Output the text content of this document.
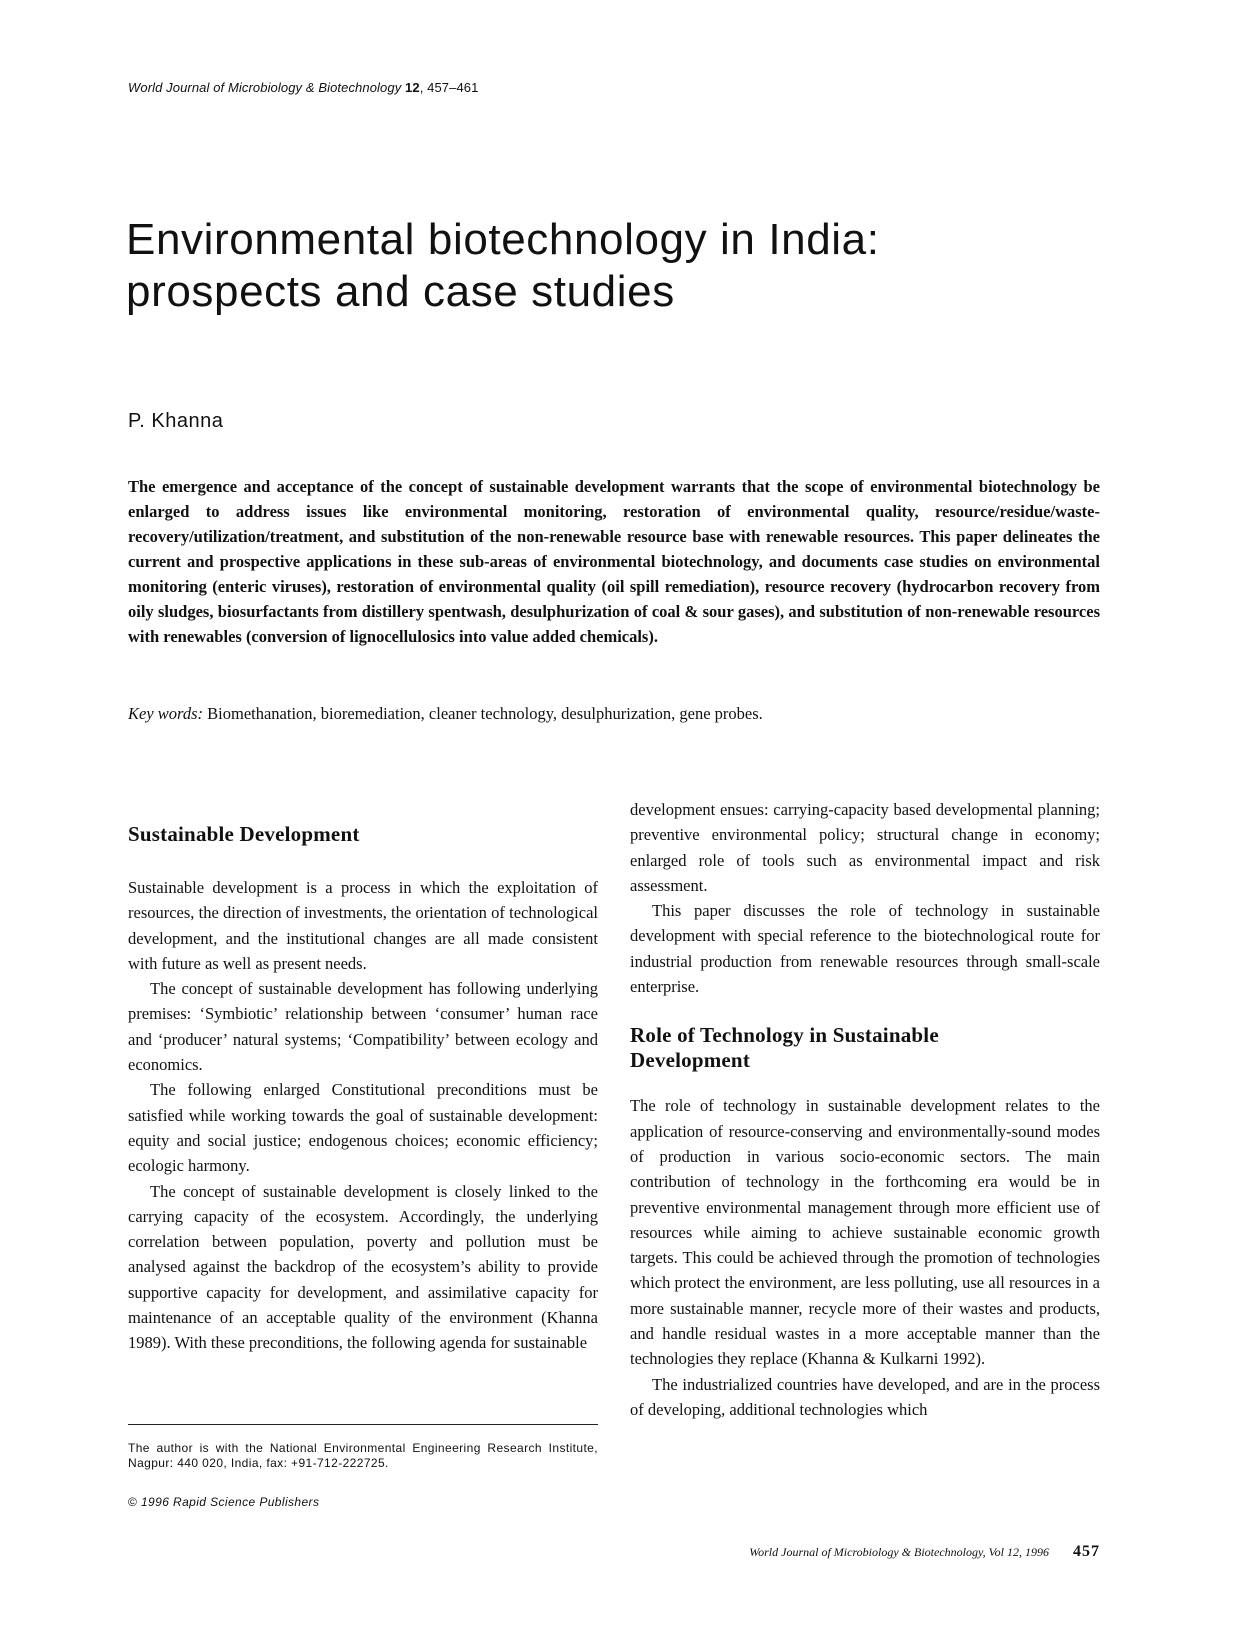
World Journal of Microbiology & Biotechnology 12, 457–461
Environmental biotechnology in India:
prospects and case studies
P. Khanna

The emergence and acceptance of the concept of sustainable development warrants that the scope of environmental biotechnology be enlarged to address issues like environmental monitoring, restoration of environmental quality, resource/residue/waste-recovery/utilization/treatment, and substitution of the non-renewable resource base with renewable resources. This paper delineates the current and prospective applications in these sub-areas of environmental biotechnology, and documents case studies on environmental monitoring (enteric viruses), restoration of environmental quality (oil spill remediation), resource recovery (hydrocarbon recovery from oily sludges, biosurfactants from distillery spentwash, desulphurization of coal & sour gases), and substitution of non-renewable resources with renewables (conversion of lignocellulosics into value added chemicals).

Key words: Biomethanation, bioremediation, cleaner technology, desulphurization, gene probes.
Sustainable Development

Sustainable development is a process in which the exploitation of resources, the direction of investments, the orientation of technological development, and the institutional changes are all made consistent with future as well as present needs.

The concept of sustainable development has following underlying premises: ‘Symbiotic’ relationship between ‘consumer’ human race and ‘producer’ natural systems; ‘Compatibility’ between ecology and economics.

The following enlarged Constitutional preconditions must be satisfied while working towards the goal of sustainable development: equity and social justice; endogenous choices; economic efficiency; ecologic harmony.

The concept of sustainable development is closely linked to the carrying capacity of the ecosystem. Accordingly, the underlying correlation between population, poverty and pollution must be analysed against the backdrop of the ecosystem’s ability to provide supportive capacity for development, and assimilative capacity for maintenance of an acceptable quality of the environment (Khanna 1989). With these preconditions, the following agenda for sustainable

development ensues: carrying-capacity based developmental planning; preventive environmental policy; structural change in economy; enlarged role of tools such as environmental impact and risk assessment.

This paper discusses the role of technology in sustainable development with special reference to the biotechnological route for industrial production from renewable resources through small-scale enterprise.

Role of Technology in Sustainable
Development

The role of technology in sustainable development relates to the application of resource-conserving and environmentally-sound modes of production in various socio-economic sectors. The main contribution of technology in the forthcoming era would be in preventive environmental management through more efficient use of resources while aiming to achieve sustainable economic growth targets. This could be achieved through the promotion of technologies which protect the environment, are less polluting, use all resources in a more sustainable manner, recycle more of their wastes and products, and handle residual wastes in a more acceptable manner than the technologies they replace (Khanna & Kulkarni 1992).

The industrialized countries have developed, and are in the process of developing, additional technologies which

The author is with the National Environmental Engineering Research Institute, Nagpur: 440 020, India, fax: +91-712-222725.
© 1996 Rapid Science Publishers
World Journal of Microbiology & Biotechnology, Vol 12, 1996 457
